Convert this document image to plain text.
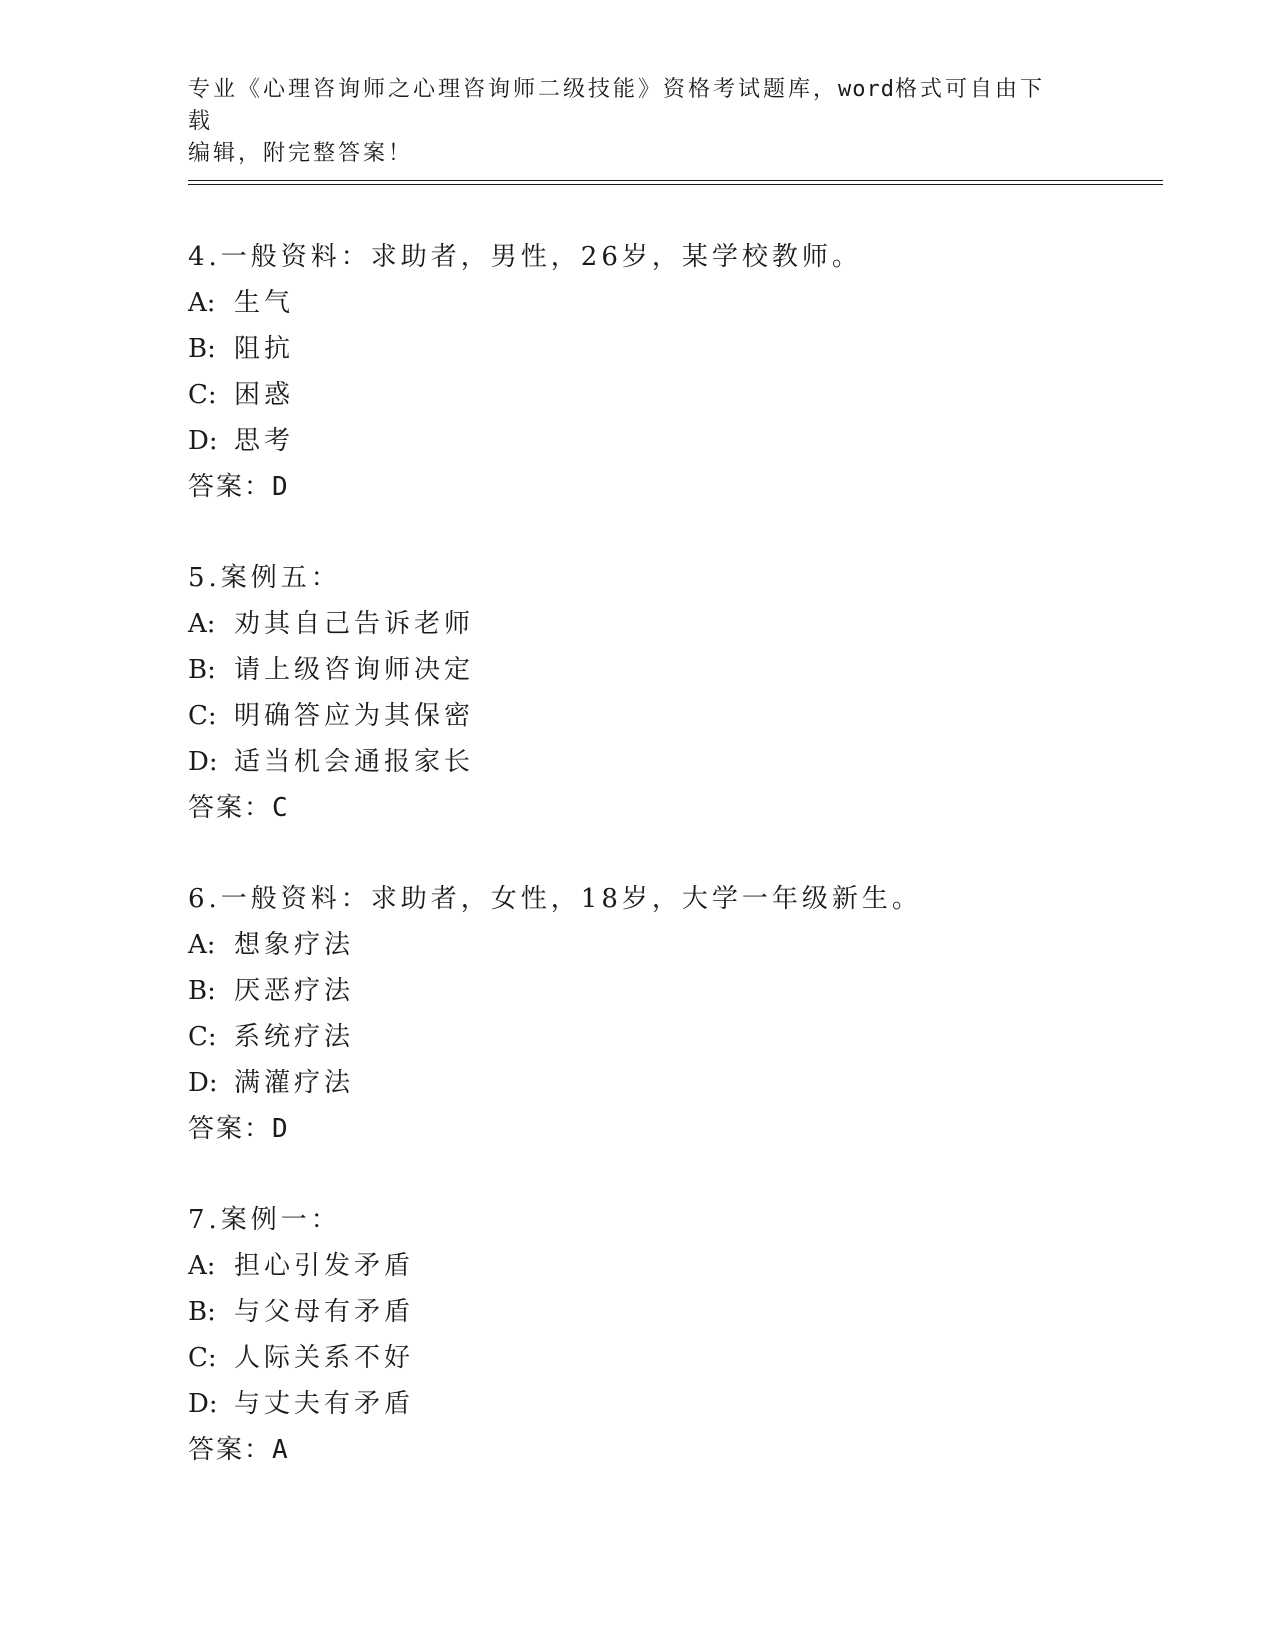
专业《心理咨询师之心理咨询师二级技能》资格考试题库，word格式可自由下载
编辑，附完整答案！
4.一般资料：求助者，男性，26岁，某学校教师。
A: 生气
B: 阻抗
C: 困惑
D: 思考
答案：D
5.案例五：
A: 劝其自己告诉老师
B: 请上级咨询师决定
C: 明确答应为其保密
D: 适当机会通报家长
答案：C
6.一般资料：求助者，女性，18岁，大学一年级新生。
A: 想象疗法
B: 厌恶疗法
C: 系统疗法
D: 满灌疗法
答案：D
7.案例一：
A: 担心引发矛盾
B: 与父母有矛盾
C: 人际关系不好
D: 与丈夫有矛盾
答案：A
